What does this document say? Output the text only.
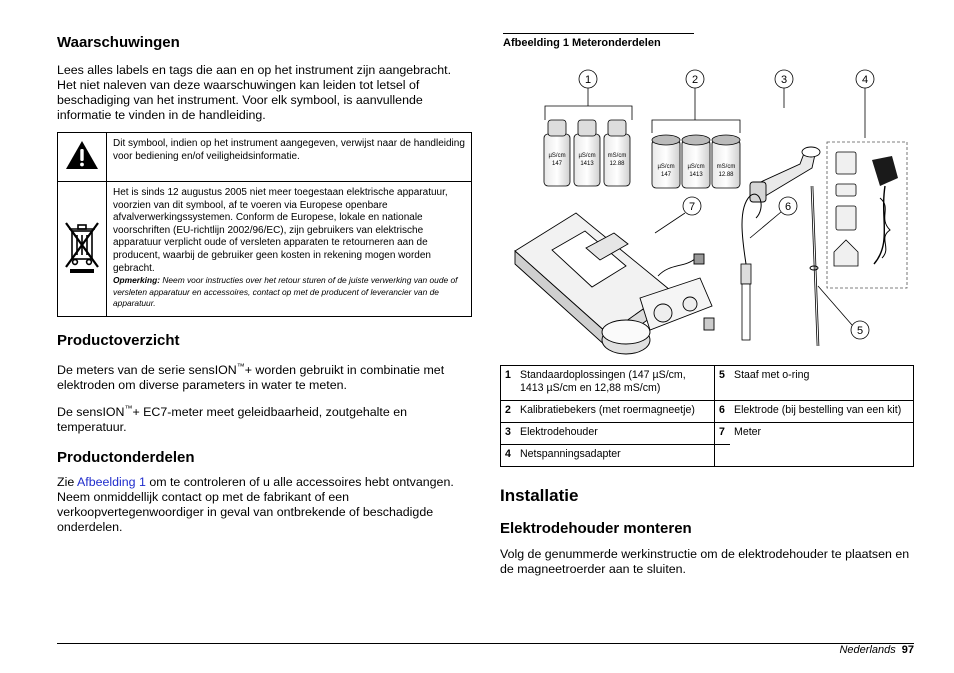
Waarschuwingen

Lees alles labels en tags die aan en op het instrument zijn aangebracht. Het niet naleven van deze waarschuwingen kan leiden tot letsel of beschadiging van het instrument. Voor elk symbool, is aanvullende informatie te vinden in de handleiding.

	Dit symbool, indien op het instrument aangegeven, verwijst naar de handleiding voor bediening en/of veiligheidsinformatie.

Het is sinds 12 augustus 2005 niet meer toegestaan elektrische apparatuur, voorzien van dit symbool, af te voeren via Europese openbare afvalverwerkingssystemen. Conform de Europese, lokale en nationale voorschriften (EU-richtlijn 2002/96/EC), zijn gebruikers van elektrische apparatuur verplicht oude of versleten apparaten te retourneren aan de producent, waarbij de gebruiker geen kosten in rekening mogen worden gebracht.
Opmerking: Neem voor instructies over het retour sturen of de juiste verwerking van oude of versleten apparatuur en accessoires, contact op met de producent of leverancier van de apparatuur.
Productoverzicht

De meters van de serie sensION™+ worden gebruikt in combinatie met elektroden om diverse parameters in water te meten.

De sensION™+ EC7-meter meet geleidbaarheid, zoutgehalte en temperatuur.

Productonderdelen

Zie Afbeelding 1 om te controleren of u alle accessoires hebt ontvangen. Neem onmiddellijk contact op met de fabrikant of een verkoopvertegenwoordiger in geval van ontbrekende of beschadigde onderdelen.

Afbeelding 1 Meteronderdelen
1	2	3	4
7	6
5
µS/cm
147
µS/cm
1413
mS/cm
12.88	µS/cm
147
µS/cm
1413
mS/cm
12.88
1	Standaardoplossingen (147 µS/cm, 1413 µS/cm en 12,88 mS/cm)	5	Staaf met o-ring
2	Kalibratiebekers (met roermagneetje)	6	Elektrode (bij bestelling van een kit)
3	Elektrodehouder	7	Meter
4	Netspanningsadapter		
Installatie
Elektrodehouder monteren

Volg de genummerde werkinstructie om de elektrodehouder te plaatsen en de magneetroerder aan te sluiten.

Nederlands 97
